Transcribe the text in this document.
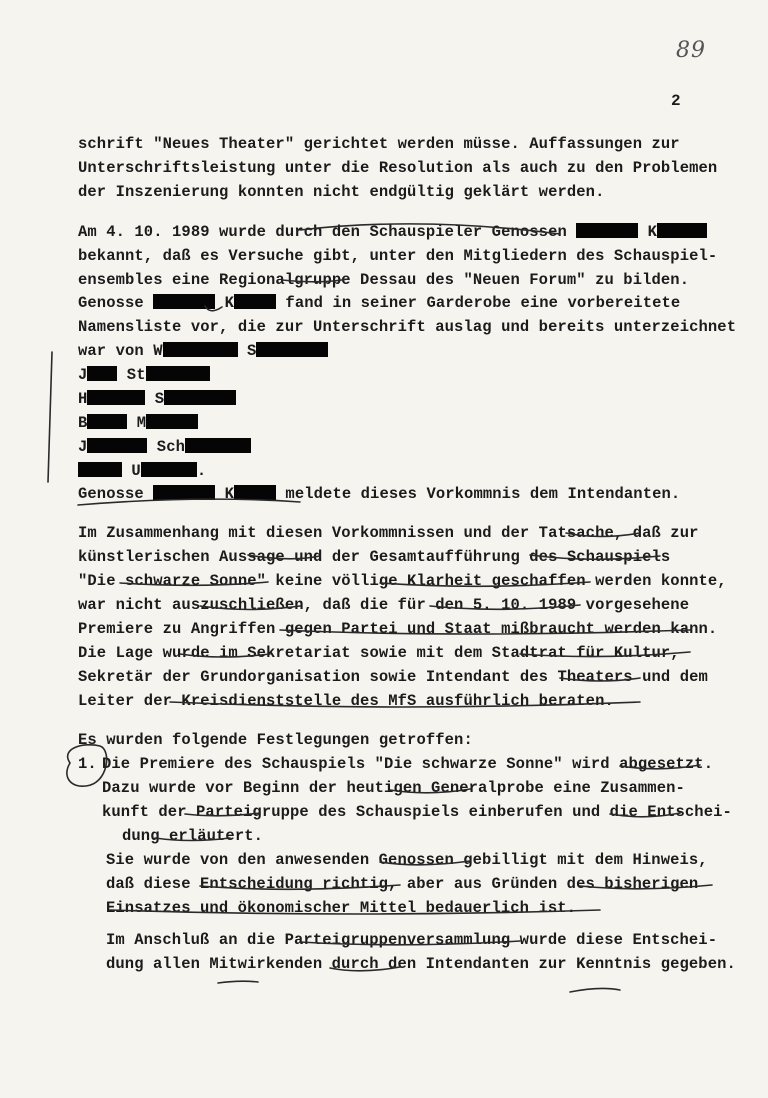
89
2
schrift "Neues Theater" gerichtet werden müsse. Auffassungen zur
Unterschriftsleistung unter die Resolution als auch zu den Problemen
der Inszenierung konnten nicht endgültig geklärt werden.
Am 4. 10. 1989 wurde durch den Schauspieler Genossen	K
bekannt, daß es Versuche gibt, unter den Mitgliedern des Schauspiel-
ensembles eine Regionalgruppe Dessau des "Neuen Forum" zu bilden.
Genosse	K	fand in seiner Garderobe eine vorbereitete
Namensliste vor, die zur Unterschrift auslag und bereits unterzeichnet
war von W	S
J St
H	S
B	M
J	Sch
U	.
Genosse	K	meldete dieses Vorkommnis dem Intendanten.
Im Zusammenhang mit diesen Vorkommnissen und der Tatsache, daß zur
künstlerischen Aussage und der Gesamtaufführung des Schauspiels
"Die schwarze Sonne" keine völlige Klarheit geschaffen werden konnte,
war nicht auszuschließen, daß die für den 5. 10. 1989 vorgesehene
Premiere zu Angriffen gegen Partei und Staat mißbraucht werden kann.
Die Lage wurde im Sekretariat sowie mit dem Stadtrat für Kultur,
Sekretär der Grundorganisation sowie Intendant des Theaters und dem
Leiter der Kreisdienststelle des MfS ausführlich beraten.
Es wurden folgende Festlegungen getroffen:
1. Die Premiere des Schauspiels "Die schwarze Sonne" wird abgesetzt.
Dazu wurde vor Beginn der heutigen Generalprobe eine Zusammen-
kunft der Parteigruppe des Schauspiels einberufen und die Entschei-
dung erläutert.
Sie wurde von den anwesenden Genossen gebilligt mit dem Hinweis,
daß diese Entscheidung richtig, aber aus Gründen des bisherigen
Einsatzes und ökonomischer Mittel bedauerlich ist.
Im Anschluß an die Parteigruppenversammlung wurde diese Entschei-
dung allen Mitwirkenden durch den Intendanten zur Kenntnis gegeben.
